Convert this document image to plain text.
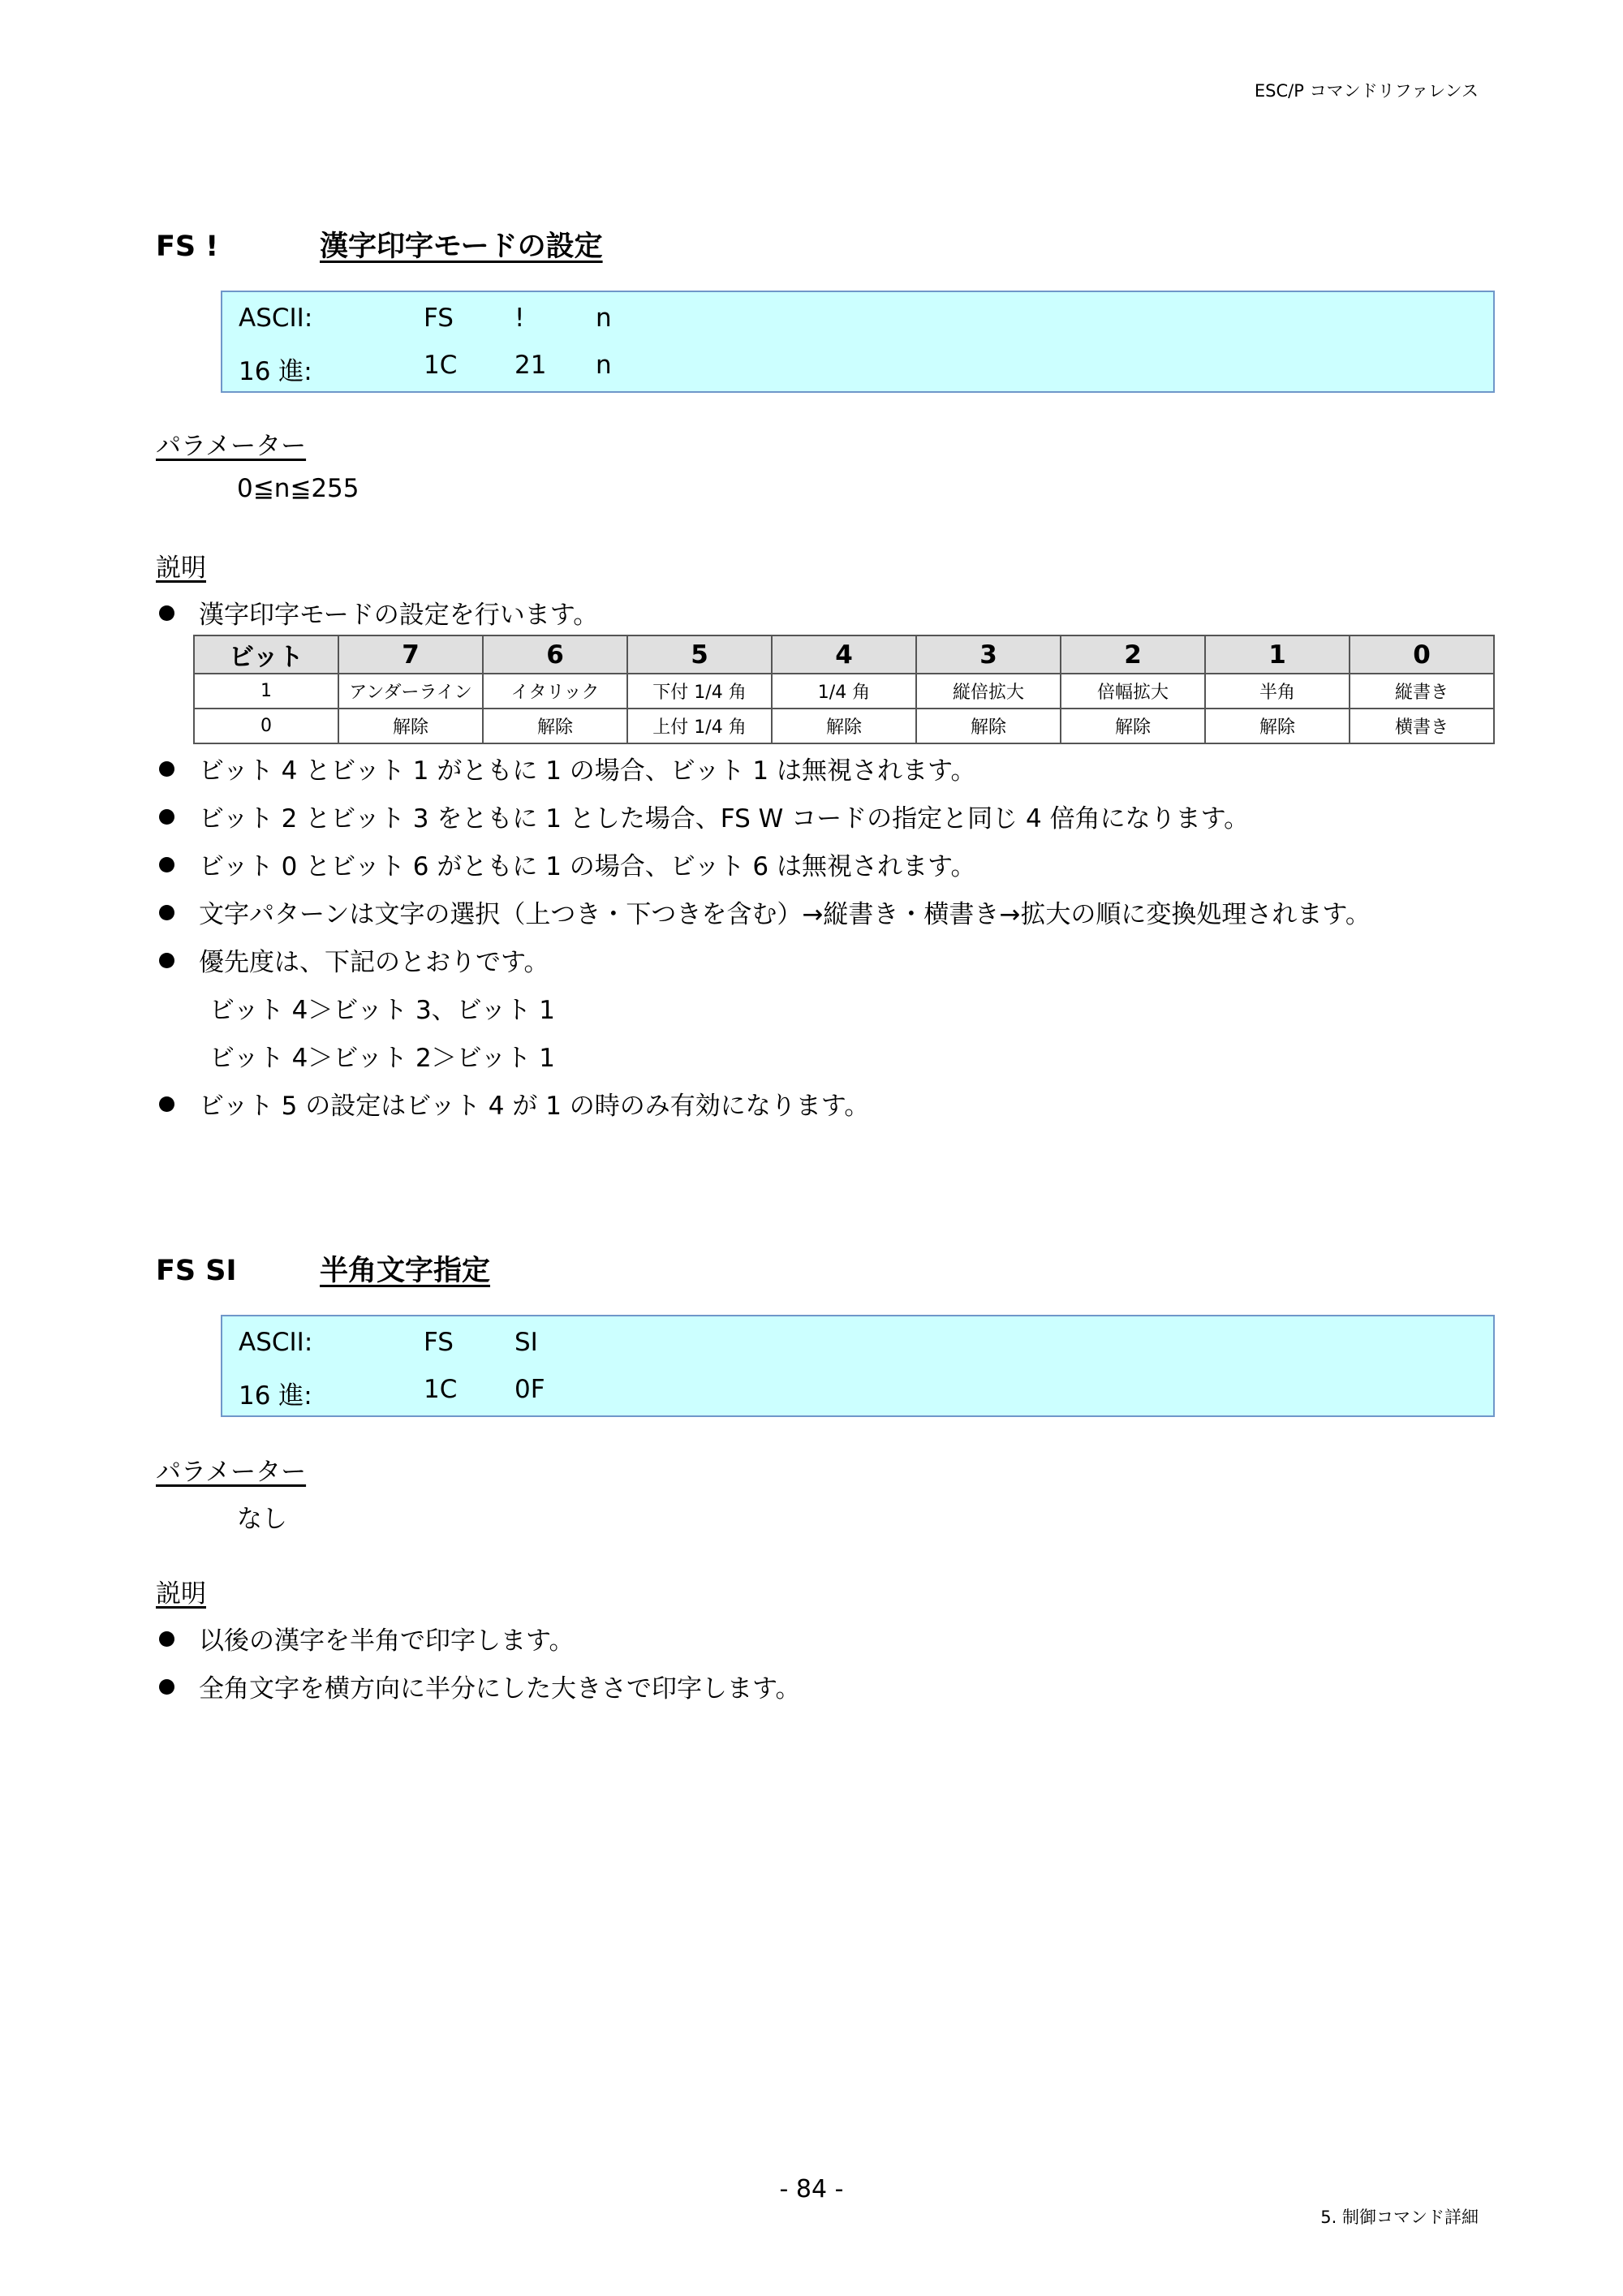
ESC/P コマンドリファレンス
FS !	漢字印字モードの設定
ASCII:	FS !	n
16 進:	1C 21 n
パラメーター
0≦n≦255
説明
漢字印字モードの設定を行います。
ビット	7	6	5	4	3	2	1	0
1	アンダーライン	イタリック	下付 1/4 角	1/4 角	縦倍拡大	倍幅拡大	半角	縦書き
0	解除	解除	上付 1/4 角	解除	解除	解除	解除	横書き
ビット 4 とビット 1 がともに 1 の場合、ビット 1 は無視されます。
ビット 2 とビット 3 をともに 1 とした場合、FS W コードの指定と同じ 4 倍角になります。
ビット 0 とビット 6 がともに 1 の場合、ビット 6 は無視されます。
文字パターンは文字の選択（上つき・下つきを含む）→縦書き・横書き→拡大の順に変換処理されます。
優先度は、下記のとおりです。
ビット 4＞ビット 3、ビット 1
ビット 4＞ビット 2＞ビット 1
ビット 5 の設定はビット 4 が 1 の時のみ有効になります。
FS SI	半角文字指定
ASCII:	FS SI
16 進:	1C 0F
パラメーター
なし
説明
以後の漢字を半角で印字します。
全角文字を横方向に半分にした大きさで印字します。
- 84 -
5. 制御コマンド詳細
